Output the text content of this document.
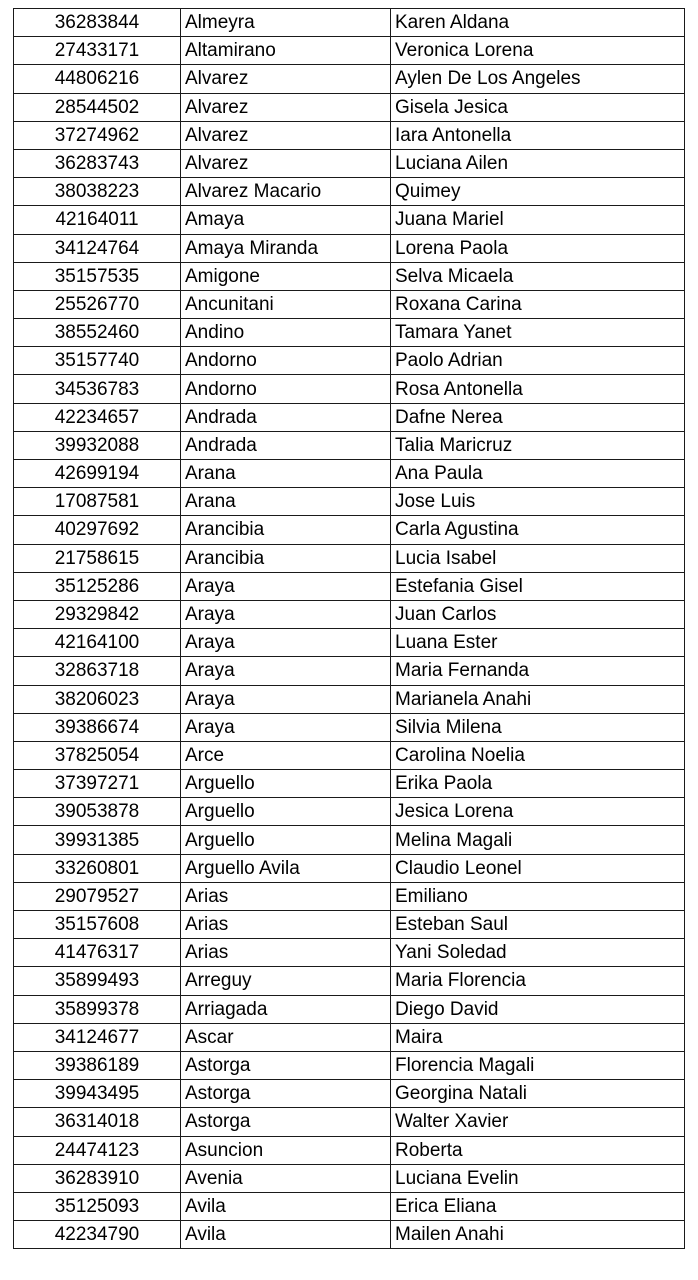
36283844	Almeyra	Karen Aldana
27433171	Altamirano	Veronica Lorena
44806216	Alvarez	Aylen De Los Angeles
28544502	Alvarez	Gisela Jesica
37274962	Alvarez	Iara Antonella
36283743	Alvarez	Luciana Ailen
38038223	Alvarez Macario	Quimey
42164011	Amaya	Juana Mariel
34124764	Amaya Miranda	Lorena Paola
35157535	Amigone	Selva Micaela
25526770	Ancunitani	Roxana Carina
38552460	Andino	Tamara Yanet
35157740	Andorno	Paolo Adrian
34536783	Andorno	Rosa Antonella
42234657	Andrada	Dafne Nerea
39932088	Andrada	Talia Maricruz
42699194	Arana	Ana Paula
17087581	Arana	Jose Luis
40297692	Arancibia	Carla Agustina
21758615	Arancibia	Lucia Isabel
35125286	Araya	Estefania Gisel
29329842	Araya	Juan Carlos
42164100	Araya	Luana Ester
32863718	Araya	Maria Fernanda
38206023	Araya	Marianela Anahi
39386674	Araya	Silvia Milena
37825054	Arce	Carolina Noelia
37397271	Arguello	Erika Paola
39053878	Arguello	Jesica Lorena
39931385	Arguello	Melina Magali
33260801	Arguello Avila	Claudio Leonel
29079527	Arias	Emiliano
35157608	Arias	Esteban Saul
41476317	Arias	Yani Soledad
35899493	Arreguy	Maria Florencia
35899378	Arriagada	Diego David
34124677	Ascar	Maira
39386189	Astorga	Florencia Magali
39943495	Astorga	Georgina Natali
36314018	Astorga	Walter Xavier
24474123	Asuncion	Roberta
36283910	Avenia	Luciana Evelin
35125093	Avila	Erica Eliana
42234790	Avila	Mailen Anahi
